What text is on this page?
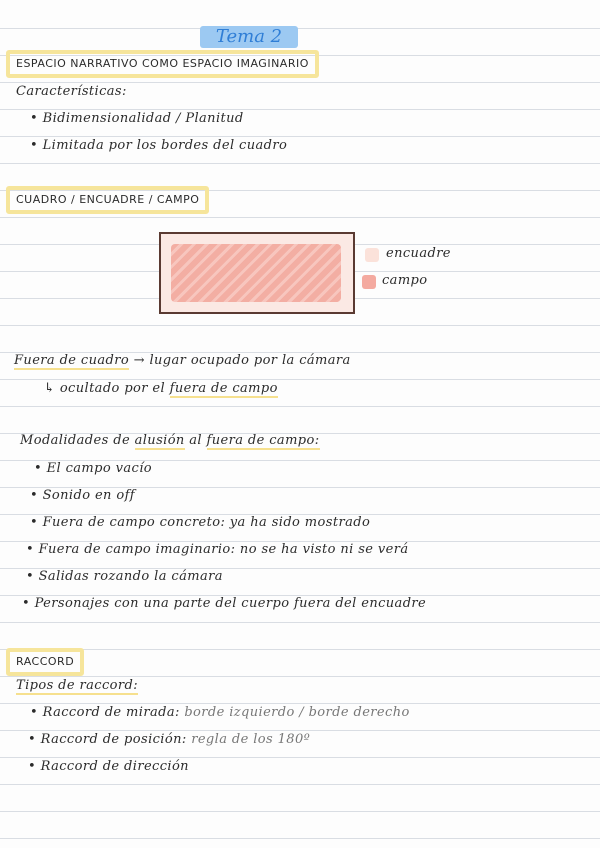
Tema 2
ESPACIO NARRATIVO COMO ESPACIO IMAGINARIO
Características:
• Bidimensionalidad / Planitud
• Limitada por los bordes del cuadro
CUADRO / ENCUADRE / CAMPO
encuadre
campo
Fuera de cuadro → lugar ocupado por la cámara
↳ ocultado por el fuera de campo
Modalidades de alusión al fuera de campo:
• El campo vacío
• Sonido en off
• Fuera de campo concreto: ya ha sido mostrado
• Fuera de campo imaginario: no se ha visto ni se verá
• Salidas rozando la cámara
• Personajes con una parte del cuerpo fuera del encuadre
RACCORD
Tipos de raccord:
• Raccord de mirada: borde izquierdo / borde derecho
• Raccord de posición: regla de los 180º
• Raccord de dirección
